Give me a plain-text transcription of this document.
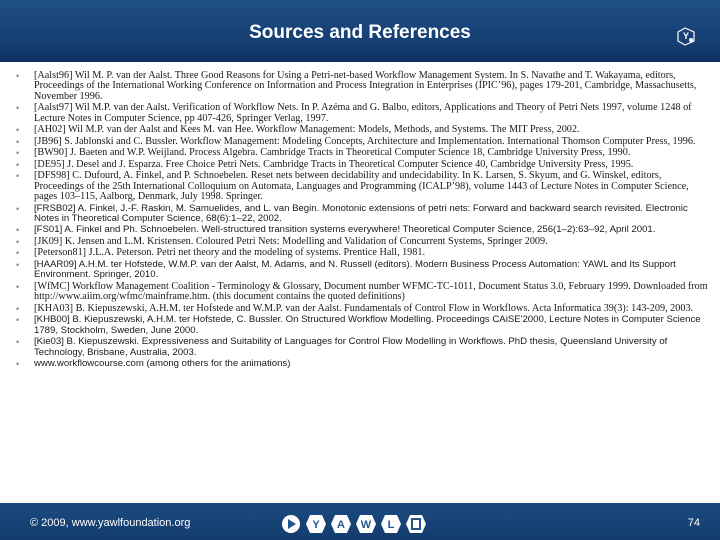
Sources and References	Y
• [Aalst96] Wil M. P. van der Aalst. Three Good Reasons for Using a Petri-net-based Workflow Management System. In S. Navathe and T. Wakayama, editors, Proceedings of the International Working Conference on Information and Process Integration in Enterprises (IPIC’96), pages 179-201, Cambridge, Massachusetts, November 1996.
• [Aalst97] Wil M.P. van der Aalst. Verification of Workflow Nets. In P. Azéma and G. Balbo, editors, Applications and Theory of Petri Nets 1997, volume 1248 of Lecture Notes in Computer Science, pp 407-426, Springer Verlag, 1997.
• [AH02] Wil M.P. van der Aalst and Kees M. van Hee. Workflow Management: Models, Methods, and Systems. The MIT Press, 2002.
• [JB96] S. Jablonski and C. Bussler. Workflow Management: Modeling Concepts, Architecture and Implementation. International Thomson Computer Press, 1996.
• [BW90] J. Baeten and W.P. Weijland. Process Algebra. Cambridge Tracts in Theoretical Computer Science 18, Cambridge University Press, 1990.
• [DE95] J. Desel and J. Esparza. Free Choice Petri Nets. Cambridge Tracts in Theoretical Computer Science 40, Cambridge University Press, 1995.
• [DFS98] C. Dufourd, A. Finkel, and P. Schnoebelen. Reset nets between decidability and undecidability. In K. Larsen, S. Skyum, and G. Winskel, editors, Proceedings of the 25th International Colloquium on Automata, Languages and Programming (ICALP’98), volume 1443 of Lecture Notes in Computer Science, pages 103–115, Aalborg, Denmark, July 1998. Springer.
• [FRSB02] A. Finkel, J.-F. Raskin, M. Samuelides, and L. van Begin. Monotonic extensions of petri nets: Forward and backward search revisited. Electronic Notes in Theoretical Computer Science, 68(6):1–22, 2002.
• [FS01] A. Finkel and Ph. Schnoebelen. Well-structured transition systems everywhere! Theoretical Computer Science, 256(1–2):63–92, April 2001.
• [JK09] K. Jensen and L.M. Kristensen. Coloured Petri Nets: Modelling and Validation of Concurrent Systems, Springer 2009.
• [Peterson81] J.L.A. Peterson. Petri net theory and the modeling of systems. Prentice Hall, 1981.
• [HAAR09] A.H.M. ter Hofstede, W.M.P. van der Aalst, M. Adams, and N. Russell (editors). Modern Business Process Automation: YAWL and Its Support Environment. Springer, 2010.
• [WfMC] Workflow Management Coalition - Terminology & Glossary, Document number WFMC-TC-1011, Document Status 3.0, February 1999. Downloaded from http://www.aiim.org/wfmc/mainframe.htm. (this document contains the quoted definitions)
• [KHA03] B. Kiepuszewski, A.H.M. ter Hofstede and W.M.P. van der Aalst. Fundamentals of Control Flow in Workflows. Acta Informatica 39(3): 143-209, 2003.
• [KHB00] B. Kiepuszewski, A.H.M. ter Hofstede, C. Bussler. On Structured Workflow Modelling. Proceedings CAiSE'2000, Lecture Notes in Computer Science 1789, Stockholm, Sweden, June 2000.
• [Kie03] B. Kiepuszewski. Expressiveness and Suitability of Languages for Control Flow Modelling in Workflows. PhD thesis, Queensland University of Technology, Brisbane, Australia, 2003.
• www.workflowcourse.com (among others for the animations)
© 2009, www.yawlfoundation.org	Y A W L	74
